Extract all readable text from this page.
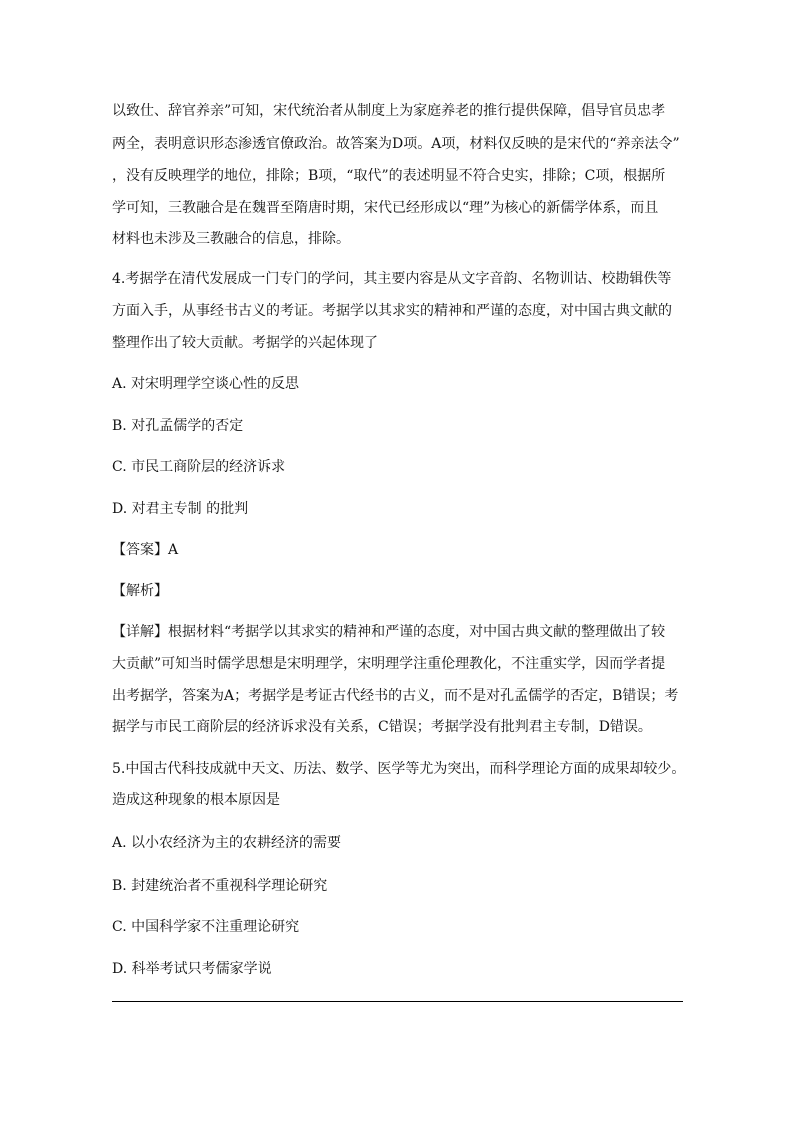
以致仕、辞官养亲”可知，宋代统治者从制度上为家庭养老的推行提供保障，倡导官员忠孝
两全，表明意识形态渗透官僚政治。故答案为D项。A项，材料仅反映的是宋代的“养亲法令”
，没有反映理学的地位，排除；B项，“取代”的表述明显不符合史实，排除；C项，根据所
学可知，三教融合是在魏晋至隋唐时期，宋代已经形成以“理”为核心的新儒学体系，而且
材料也未涉及三教融合的信息，排除。
4.考据学在清代发展成一门专门的学问，其主要内容是从文字音韵、名物训诂、校勘辑佚等
方面入手，从事经书古义的考证。考据学以其求实的精神和严谨的态度，对中国古典文献的
整理作出了较大贡献。考据学的兴起体现了
A. 对宋明理学空谈心性的反思
B. 对孔孟儒学的否定
C. 市民工商阶层的经济诉求
D. 对君主专制 的批判
【答案】A
【解析】
【详解】根据材料“考据学以其求实的精神和严谨的态度，对中国古典文献的整理做出了较
大贡献”可知当时儒学思想是宋明理学，宋明理学注重伦理教化，不注重实学，因而学者提
出考据学，答案为A；考据学是考证古代经书的古义，而不是对孔孟儒学的否定，B错误；考
据学与市民工商阶层的经济诉求没有关系，C错误；考据学没有批判君主专制，D错误。
5.中国古代科技成就中天文、历法、数学、医学等尤为突出，而科学理论方面的成果却较少。
造成这种现象的根本原因是
A. 以小农经济为主的农耕经济的需要
B. 封建统治者不重视科学理论研究
C. 中国科学家不注重理论研究
D. 科举考试只考儒家学说
